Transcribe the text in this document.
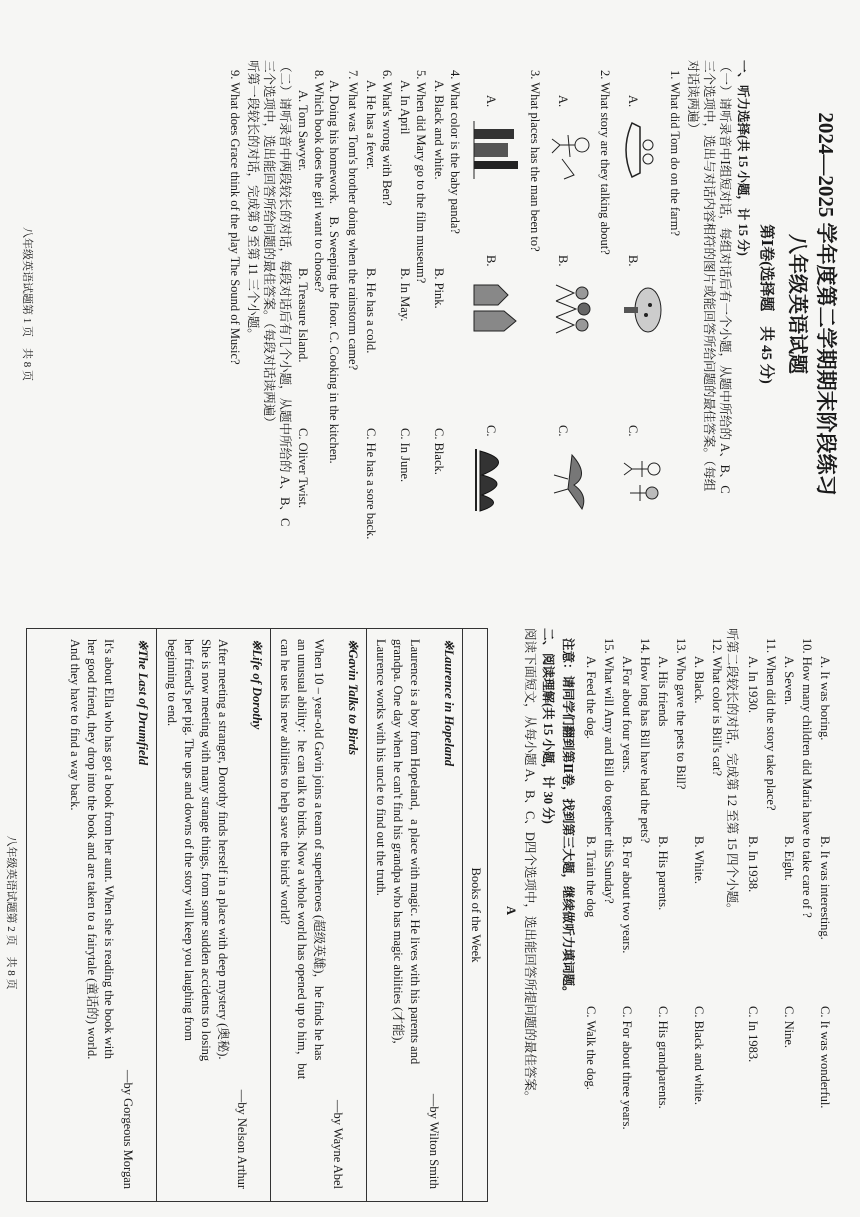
2024—2025 学年度第二学期期末阶段练习
八年级英语试题
第Ⅰ卷(选择题　共 45 分)
一、听力选择(共 15 小题，计 15 分)
（一）请听录音中Ⅰ组短对话，每组对话后有一个小题，从题中所给的 A、B、C
三个选项中，选出与对话内容相符的图片或能回答所给问题的最佳答案。（每组
对话读两遍）
1. What did Tom do on the farm?
A.
B.
C.
2. What story are they talking about?
A.
B.
C.
3. What places has the man been to?
A.
B.
C.
4. What color is the baby panda?
A. Black and white.
B. Pink.
C. Black.
5. When did Mary go to the film museum?
A. In April
B. In May.
C. In June.
6. What's wrong with Ben?
A. He has a fever.
B. He has a cold.
C. He has a sore back.
7. What was Tom's brother doing when the rainstorm came?
A. Doing his homework.　B. Sweeping the floor. C. Cooking in the kitchen.
8. Which book does the girl want to choose?
A. Tom Sawyer.
B. Treasure Island.
C. Oliver Twist.
（二）请听录音中两段较长的对话，每段对话后有几个小题，从题中所给的 A、B、C
三个选项中，选出能回答所给问题的最佳答案。（每段对话读两遍）
听第一段较长的对话，完成第 9 至第 11 三个小题。
9. What does Grace think of the play The Sound of Music?
八年级英语试题第 1 页　共 8 页
A. It was boring.
B. It was interesting.
C. It was wonderful.
10. How many children did Maria have to take care of ?
A. Seven.
B. Eight.
C. Nine.
11. When did the story take place?
A. In 1930.
B. In 1938.
C. In 1983.
听第二段较长的对话，完成第 12 至第 15 四个小题。
12. What color is Bill's cat?
A. Black.
B. White.
C. Black and white.
13. Who gave the pets to Bill?
A. His friends
B. His parents.
C. His grandparents.
14. How long has Bill have had the pets?
A.For about four years.
B. For about two years.
C. For about three years.
15. What will Amy and Bill do together this Sunday?
A. Feed the dog.
B. Train the dog
C. Walk the dog.
注意：请同学们翻到第Ⅱ卷，找到第三大题，继续做听力填词题。
二、阅读理解(共 15 小题，计 30 分)
阅读下面短文，从每小题 A、B、C、D四个选项中，选出能回答所提问题的最佳答案。
A
Books of the Week
※Laurence in Hopeland
—by Wilton Smith
Laurence is a boy from Hopeland，a place with magic. He lives with his parents and
grandpa. One day when he can't find his grandpa who has magic abilities (才能),
Laurence works with his uncle to find out the truth.
※Gavin Talks to Birds
—by Wayne Abel
When 10 – year-old Gavin joins a team of superheroes (超级英雄)，he finds he has
an unusual ability：he can talk to birds. Now a whole world has opened up to him，but
can he use his new abilities to help save the birds' world?
※Life of Dorothy
—by Nelson Arthur
After meeting a stranger, Dorothy finds herself in a place with deep mystery (奥秘).
She is now meeting with many strange things, from some sudden accidents to losing
her friend's pet pig. The ups and downs of the story will keep you laughing from
beginning to end.
※The Last of Drumfield
—by Gorgeous Morgan
It's about Ella who has got a book from her aunt. When she is reading the book with
her good friend, they drop into the book and are taken to a fairytale (童话的) world.
And they have to find a way back.
八年级英语试题第 2 页　共 8 页
